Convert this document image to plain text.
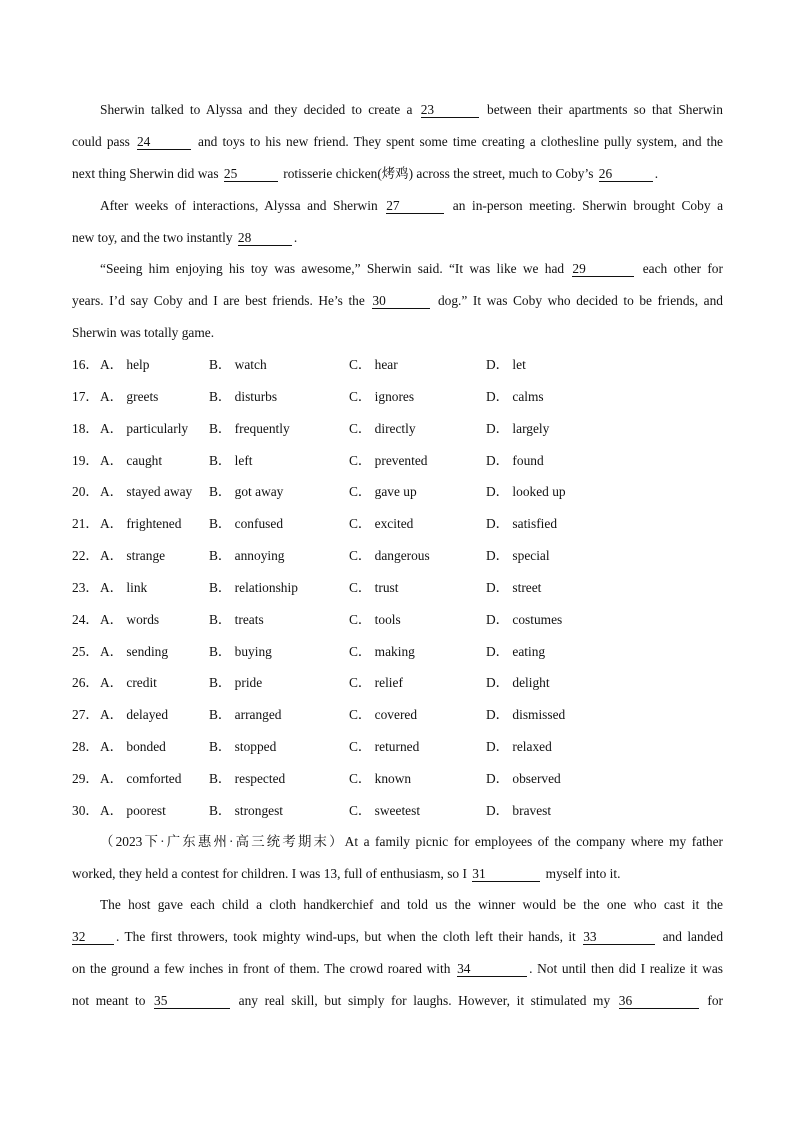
Sherwin talked to Alyssa and they decided to create a 23	between their apartments so that Sherwin
could pass 24	and toys to his new friend. They spent some time creating a clothesline pully system, and the
next thing Sherwin did was 25	rotisserie chicken(烤鸡) across the street, much to Coby’s 26	.
After weeks of interactions, Alyssa and Sherwin 27	an in-person meeting. Sherwin brought Coby a
new toy, and the two instantly 28	.
“Seeing him enjoying his toy was awesome,” Sherwin said. “It was like we had 29	each other for
years. I’d say Coby and I are best friends. He’s the 30	dog.” It was Coby who decided to be friends, and
Sherwin was totally game.
16． A． help	B． watch	C． hear	D． let
17． A． greets	B． disturbs	C． ignores	D． calms
18． A． particularly B． frequently	C． directly	D． largely
19． A． caught	B． left	C． prevented	D． found
20． A． stayed away B． got away	C． gave up	D． looked up
21． A． frightened B． confused	C． excited	D． satisfied
22． A． strange	B． annoying	C． dangerous	D． special
23． A． link	B． relationship	C． trust	D． street
24． A． words	B． treats	C． tools	D． costumes
25． A． sending	B． buying	C． making	D． eating
26． A． credit	B． pride	C． relief	D． delight
27． A． delayed	B． arranged	C． covered	D． dismissed
28． A． bonded	B． stopped	C． returned	D． relaxed
29． A． comforted B． respected	C． known	D． observed
30． A． poorest	B． strongest	C． sweetest	D． bravest
（2023下·广东惠州·高三统考期末）At a family picnic for employees of the company where my father
worked, they held a contest for children. I was 13, full of enthusiasm, so I 31	myself into it.
The host gave each child a cloth handkerchief and told us the winner would be the one who cast it the
32 . The first throwers, took mighty wind-ups, but when the cloth left their hands, it 33	and landed
on the ground a few inches in front of them. The crowd roared with 34	. Not until then did I realize it was
not meant to 35	any real skill, but simply for laughs. However, it stimulated my 36	for
